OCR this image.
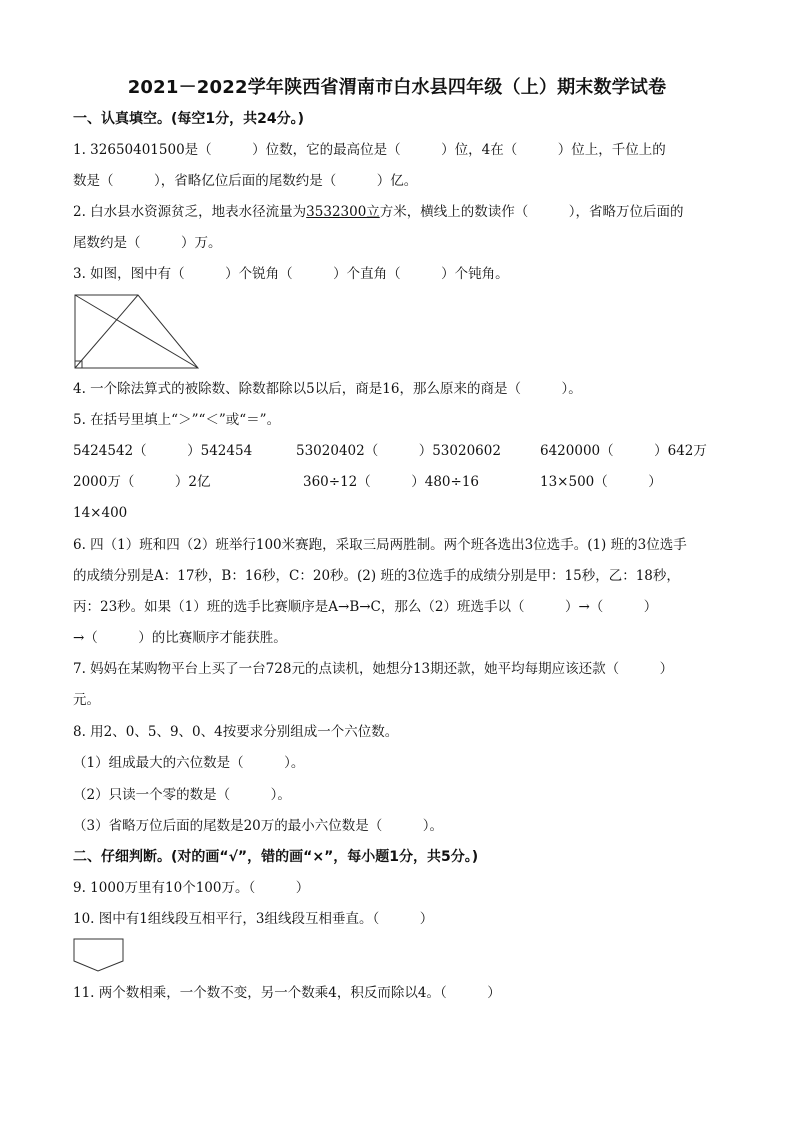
2021－2022学年陕西省渭南市白水县四年级（上）期末数学试卷
一、认真填空。(每空1分，共24分。)
1. 32650401500是（　　　）位数，它的最高位是（　　　）位，4在（　　　）位上，千位上的
数是（　　　），省略亿位后面的尾数约是（　　　）亿。
2. 白水县水资源贫乏，地表水径流量为3532300立方米，横线上的数读作（　　　），省略万位后面的
尾数约是（　　　）万。
3. 如图，图中有（　　　）个锐角（　　　）个直角（　　　）个钝角。
4. 一个除法算式的被除数、除数都除以5以后，商是16，那么原来的商是（　　　）。
5. 在括号里填上“＞”“＜”或“＝”。
5424542（　　　）542454	53020402（　　　）53020602	6420000（　　　）642万
2000万（　　　）2亿	360÷12（　　　）480÷16	13×500（　　　）
14×400
6. 四（1）班和四（2）班举行100米赛跑，采取三局两胜制。两个班各选出3位选手。(1) 班的3位选手
的成绩分别是A：17秒，B：16秒，C：20秒。(2) 班的3位选手的成绩分别是甲：15秒，乙：18秒，
丙：23秒。如果（1）班的选手比赛顺序是A→B→C，那么（2）班选手以（　　　）→（　　　）
→（　　　）的比赛顺序才能获胜。
7. 妈妈在某购物平台上买了一台728元的点读机，她想分13期还款，她平均每期应该还款（　　　）
元。
8. 用2、0、5、9、0、4按要求分别组成一个六位数。
（1）组成最大的六位数是（　　　）。
（2）只读一个零的数是（　　　）。
（3）省略万位后面的尾数是20万的最小六位数是（　　　）。
二、仔细判断。(对的画“√”，错的画“×”，每小题1分，共5分。)
9. 1000万里有10个100万。（　　　）
10. 图中有1组线段互相平行，3组线段互相垂直。（　　　）
11. 两个数相乘，一个数不变，另一个数乘4，积反而除以4。（　　　）
